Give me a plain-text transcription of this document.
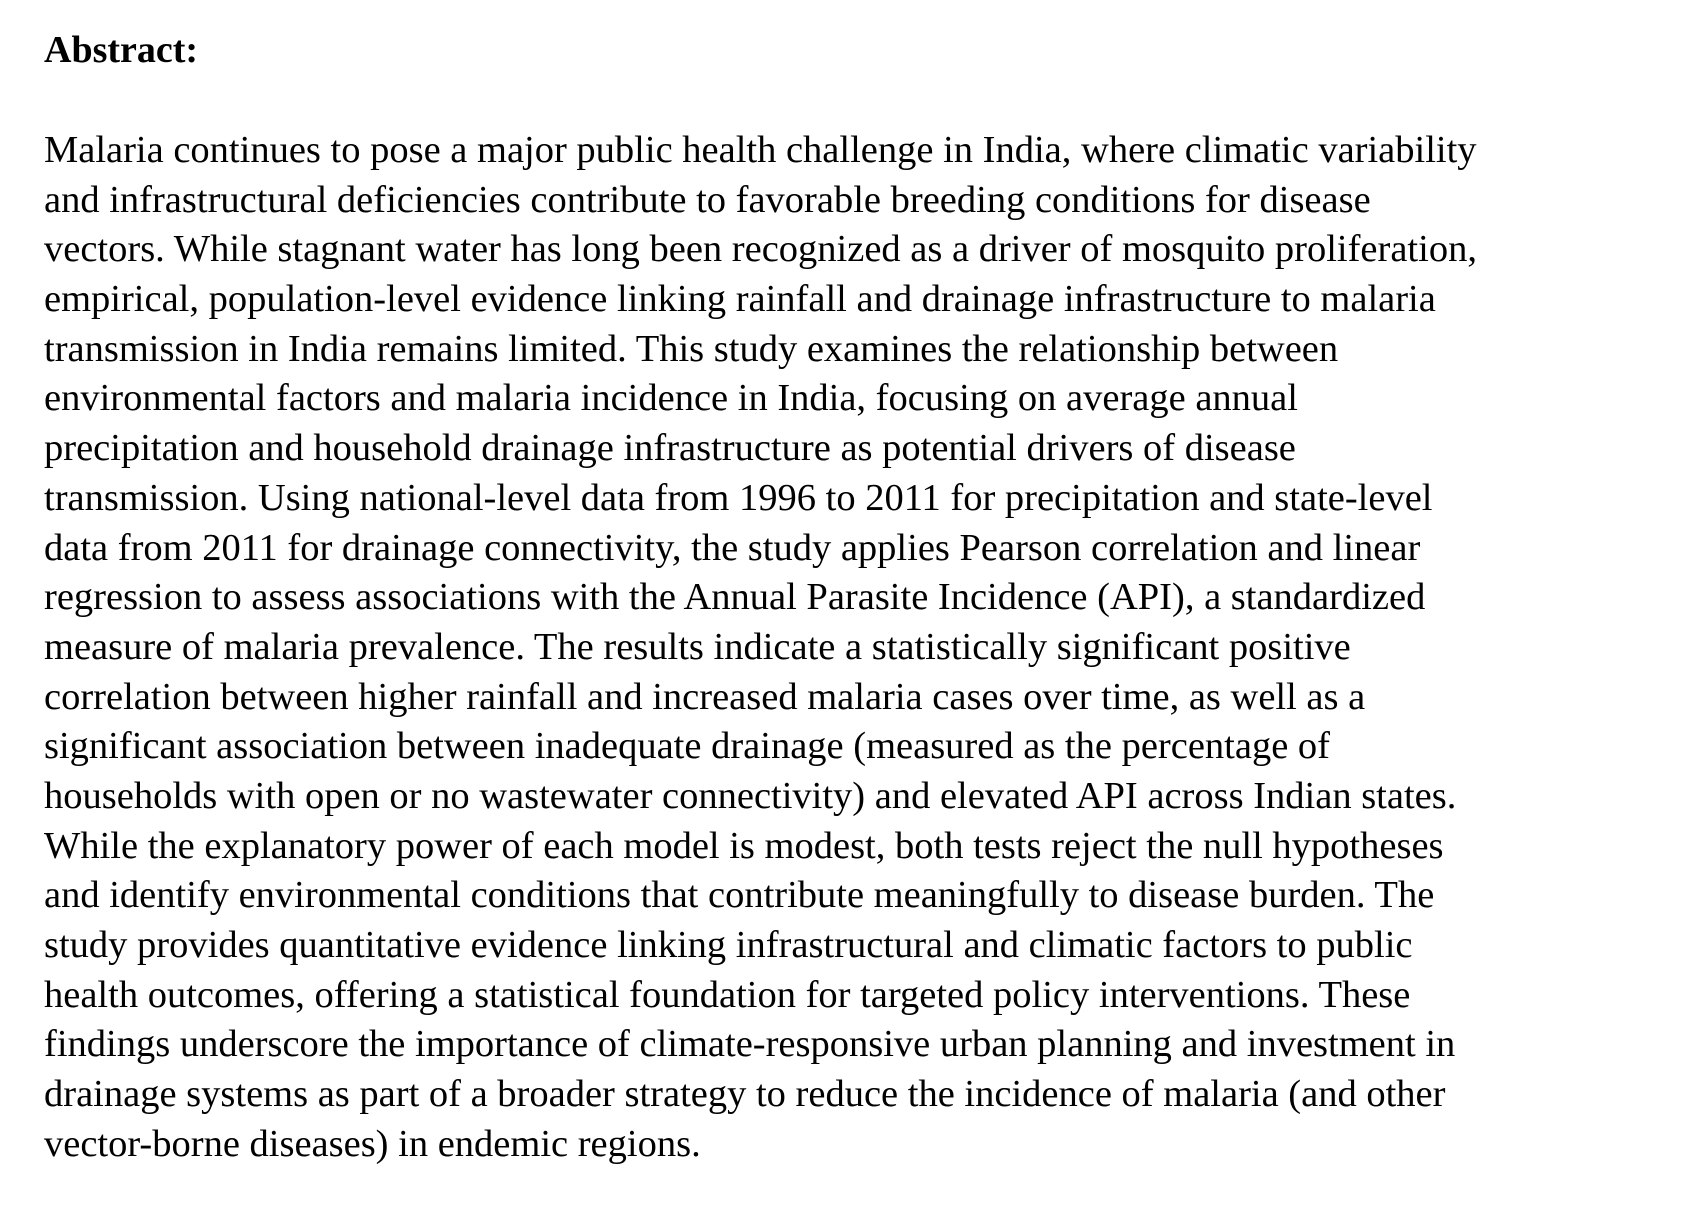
Abstract:
Malaria continues to pose a major public health challenge in India, where climatic variability
and infrastructural deficiencies contribute to favorable breeding conditions for disease
vectors. While stagnant water has long been recognized as a driver of mosquito proliferation,
empirical, population-level evidence linking rainfall and drainage infrastructure to malaria
transmission in India remains limited. This study examines the relationship between
environmental factors and malaria incidence in India, focusing on average annual
precipitation and household drainage infrastructure as potential drivers of disease
transmission. Using national-level data from 1996 to 2011 for precipitation and state-level
data from 2011 for drainage connectivity, the study applies Pearson correlation and linear
regression to assess associations with the Annual Parasite Incidence (API), a standardized
measure of malaria prevalence. The results indicate a statistically significant positive
correlation between higher rainfall and increased malaria cases over time, as well as a
significant association between inadequate drainage (measured as the percentage of
households with open or no wastewater connectivity) and elevated API across Indian states.
While the explanatory power of each model is modest, both tests reject the null hypotheses
and identify environmental conditions that contribute meaningfully to disease burden. The
study provides quantitative evidence linking infrastructural and climatic factors to public
health outcomes, offering a statistical foundation for targeted policy interventions. These
findings underscore the importance of climate-responsive urban planning and investment in
drainage systems as part of a broader strategy to reduce the incidence of malaria (and other
vector-borne diseases) in endemic regions.
